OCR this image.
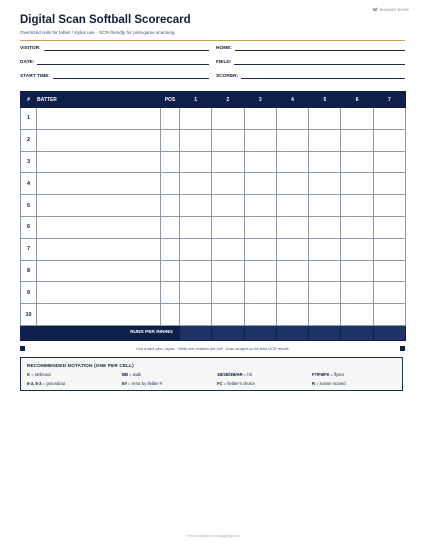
SHAGGY DOGS
Digital Scan Softball Scorecard
Oversized cells for tablet / stylus use · OCR-friendly for post-game scanning
VISITOR:	HOME:
DATE:	FIELD:
START TIME:	SCORER:
#	BATTER	POS	1	2	3	4	5	6	7
1									
2									
3									
4									
5									
6									
7									
8									
9									
10									
RUNS PER INNING									
Use a dark pen / stylus · Write one notation per cell · Scan straight-on for best OCR results
RECOMMENDED NOTATION (ONE PER CELL)
K = strikeout	BB = walk	1B/2B/3B/HR = hit	F7/F8/F9 = flyout
6-3, 5-3 = groundout	E# = error by fielder #	FC = fielder's choice	R = runner scored
○ Free download from shaggydogs.com
